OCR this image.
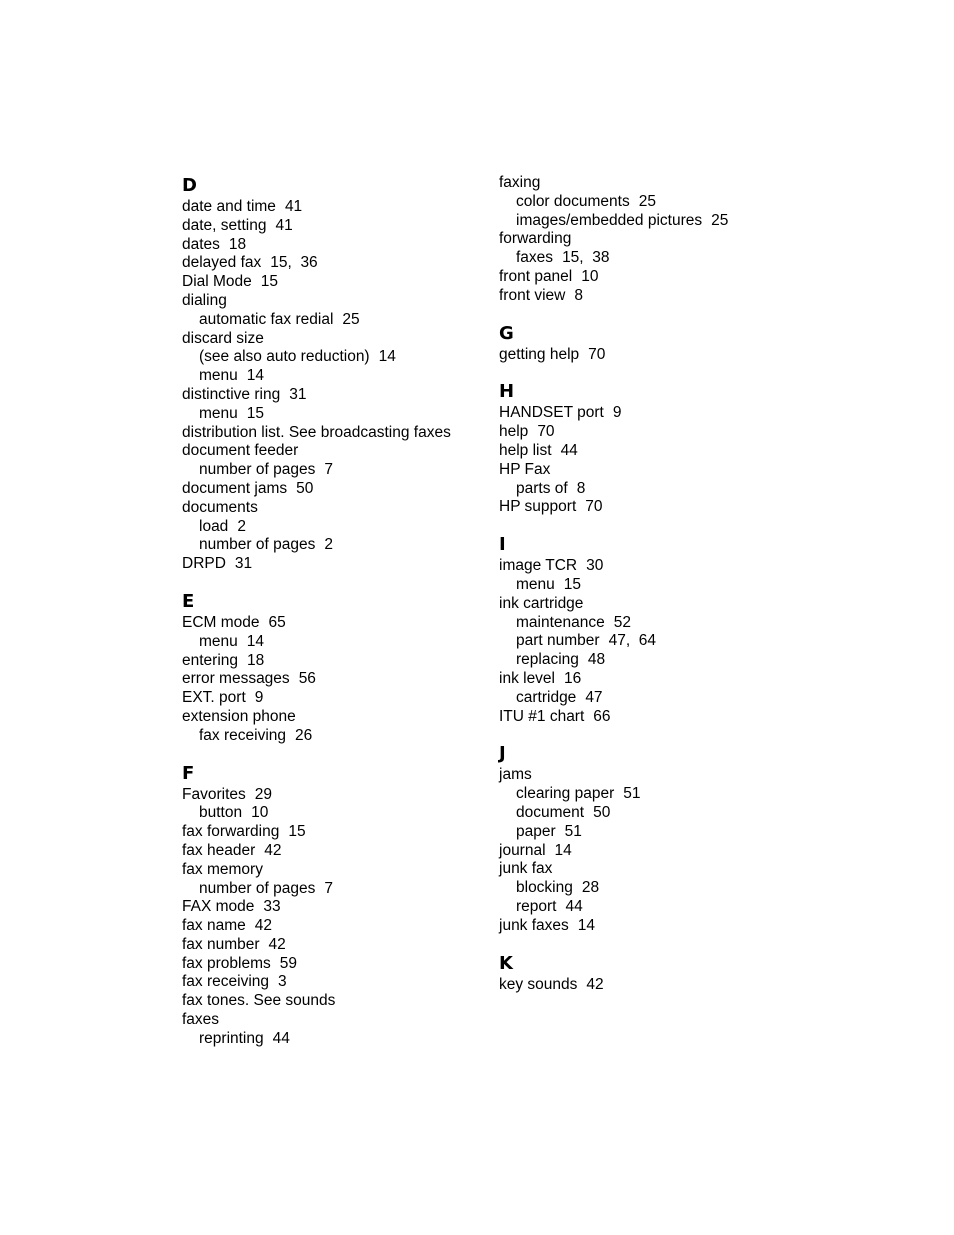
D
date and time 41
date, setting 41
dates 18
delayed fax 15,  36
Dial Mode 15
dialing
automatic fax redial 25
discard size
(see also auto reduction) 14
menu 14
distinctive ring 31
menu 15
distribution list. See broadcasting faxes
document feeder
number of pages 7
document jams 50
documents
load 2
number of pages 2
DRPD 31
E
ECM mode 65
menu 14
entering 18
error messages 56
EXT. port 9
extension phone
fax receiving 26
F
Favorites 29
button 10
fax forwarding 15
fax header 42
fax memory
number of pages 7
FAX mode 33
fax name 42
fax number 42
fax problems 59
fax receiving 3
fax tones. See sounds
faxes
reprinting 44
faxing
color documents 25
images/embedded pictures 25
forwarding
faxes 15,  38
front panel 10
front view 8
G
getting help 70
H
HANDSET port 9
help 70
help list 44
HP Fax
parts of 8
HP support 70
I
image TCR 30
menu 15
ink cartridge
maintenance 52
part number 47,  64
replacing 48
ink level 16
cartridge 47
ITU #1 chart 66
J
jams
clearing paper 51
document 50
paper 51
journal 14
junk fax
blocking 28
report 44
junk faxes 14
K
key sounds 42
